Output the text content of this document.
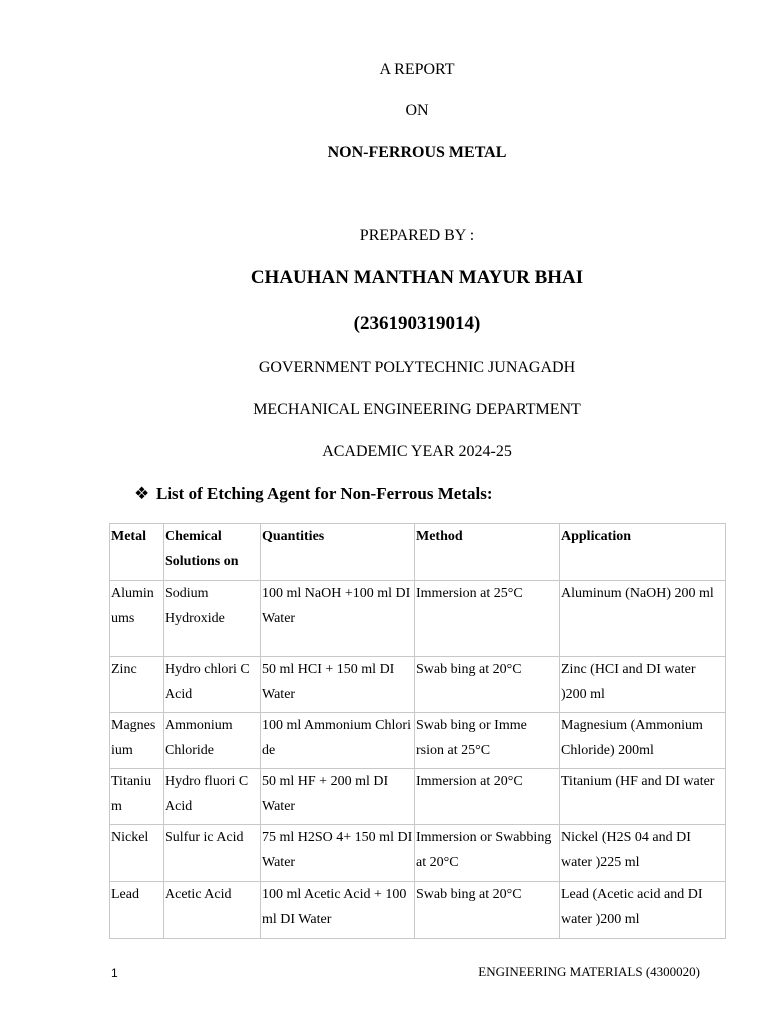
A REPORT
ON
NON-FERROUS METAL
PREPARED BY :
CHAUHAN MANTHAN MAYUR BHAI
(236190319014)
GOVERNMENT POLYTECHNIC JUNAGADH
MECHANICAL ENGINEERING DEPARTMENT
ACADEMIC YEAR 2024-25
❖ List of Etching Agent for Non-Ferrous Metals:
Metal	Chemical Solutions on	Quantities	Method	Application
Alumin ums	Sodium Hydroxide	100 ml NaOH +100 ml DI Water	Immersion at 25°C	Aluminum (NaOH) 200 ml
Zinc	Hydro chlori C Acid	50 ml HCI + 150 ml DI Water	Swab bing at 20°C	Zinc (HCI and DI water )200 ml
Magnes ium	Ammonium Chloride	100 ml Ammonium Chlori de	Swab bing or Imme rsion at 25°C	Magnesium (Ammonium Chloride) 200ml
Titaniu m	Hydro fluori C Acid	50 ml HF + 200 ml DI Water	Immersion at 20°C	Titanium (HF and DI water
Nickel	Sulfur ic Acid	75 ml H2SO 4+ 150 ml DI Water	Immersion or Swabbing at 20°C	Nickel (H2S 04 and DI water )225 ml
Lead	Acetic Acid	100 ml Acetic Acid + 100 ml DI Water	Swab bing at 20°C	Lead (Acetic acid and DI water )200 ml
1	ENGINEERING MATERIALS (4300020)
